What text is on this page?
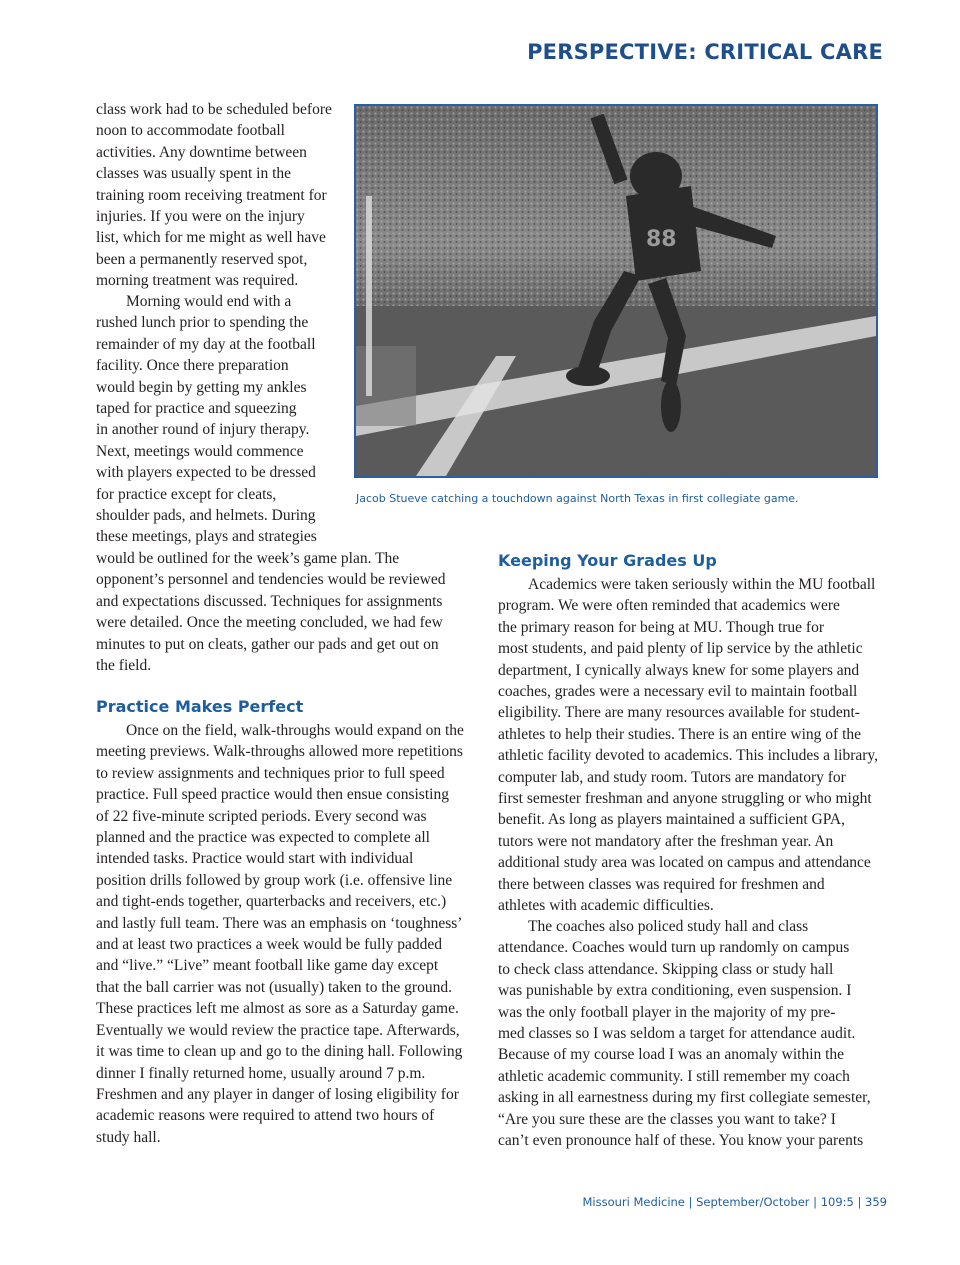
PERSPECTIVE: CRITICAL CARE
class work had to be scheduled before
noon to accommodate football
activities. Any downtime between
classes was usually spent in the
training room receiving treatment for
injuries. If you were on the injury
list, which for me might as well have
been a permanently reserved spot,
morning treatment was required.
Morning would end with a
rushed lunch prior to spending the
remainder of my day at the football
facility. Once there preparation
would begin by getting my ankles
taped for practice and squeezing
in another round of injury therapy.
Next, meetings would commence
with players expected to be dressed
for practice except for cleats,
shoulder pads, and helmets. During
these meetings, plays and strategies
would be outlined for the week’s game plan. The
opponent’s personnel and tendencies would be reviewed
and expectations discussed. Techniques for assignments
were detailed. Once the meeting concluded, we had few
minutes to put on cleats, gather our pads and get out on
the field.
Practice Makes Perfect
Once on the field, walk-throughs would expand on the
meeting previews. Walk-throughs allowed more repetitions
to review assignments and techniques prior to full speed
practice. Full speed practice would then ensue consisting
of 22 five-minute scripted periods. Every second was
planned and the practice was expected to complete all
intended tasks. Practice would start with individual
position drills followed by group work (i.e. offensive line
and tight-ends together, quarterbacks and receivers, etc.)
and lastly full team. There was an emphasis on ‘toughness’
and at least two practices a week would be fully padded
and “live.” “Live” meant football like game day except
that the ball carrier was not (usually) taken to the ground.
These practices left me almost as sore as a Saturday game.
Eventually we would review the practice tape. Afterwards,
it was time to clean up and go to the dining hall. Following
dinner I finally returned home, usually around 7 p.m.
Freshmen and any player in danger of losing eligibility for
academic reasons were required to attend two hours of
study hall.
88
Jacob Stueve catching a touchdown against North Texas in first collegiate game.
Keeping Your Grades Up
Academics were taken seriously within the MU football
program. We were often reminded that academics were
the primary reason for being at MU. Though true for
most students, and paid plenty of lip service by the athletic
department, I cynically always knew for some players and
coaches, grades were a necessary evil to maintain football
eligibility. There are many resources available for student-
athletes to help their studies. There is an entire wing of the
athletic facility devoted to academics. This includes a library,
computer lab, and study room. Tutors are mandatory for
first semester freshman and anyone struggling or who might
benefit. As long as players maintained a sufficient GPA,
tutors were not mandatory after the freshman year. An
additional study area was located on campus and attendance
there between classes was required for freshmen and
athletes with academic difficulties.
The coaches also policed study hall and class
attendance. Coaches would turn up randomly on campus
to check class attendance. Skipping class or study hall
was punishable by extra conditioning, even suspension. I
was the only football player in the majority of my pre-
med classes so I was seldom a target for attendance audit.
Because of my course load I was an anomaly within the
athletic academic community. I still remember my coach
asking in all earnestness during my first collegiate semester,
“Are you sure these are the classes you want to take? I
can’t even pronounce half of these. You know your parents
Missouri Medicine | September/October | 109:5 | 359
